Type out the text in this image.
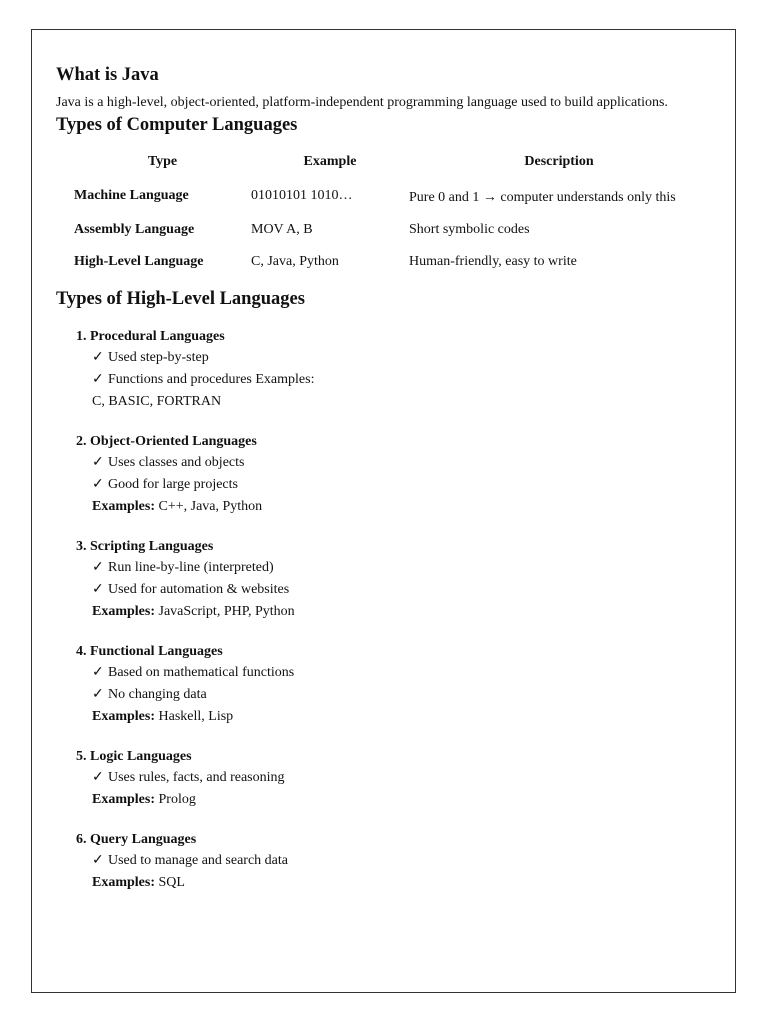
What is Java

Java is a high-level, object-oriented, platform-independent programming language used to build applications.

Types of Computer Languages
Type	Example	Description
Machine Language	01010101 1010…	Pure 0 and 1 → computer understands only this
Assembly Language	MOV A, B	Short symbolic codes
High-Level Language	C, Java, Python	Human-friendly, easy to write
Types of High-Level Languages
1. Procedural Languages
✓ Used step-by-step
✓ Functions and procedures Examples:
C, BASIC, FORTRAN
2. Object-Oriented Languages
✓ Uses classes and objects
✓ Good for large projects
Examples: C++, Java, Python
3. Scripting Languages
✓ Run line-by-line (interpreted)
✓ Used for automation & websites
Examples: JavaScript, PHP, Python
4. Functional Languages
✓ Based on mathematical functions
✓ No changing data
Examples: Haskell, Lisp
5. Logic Languages
✓ Uses rules, facts, and reasoning
Examples: Prolog
6. Query Languages
✓ Used to manage and search data
Examples: SQL
